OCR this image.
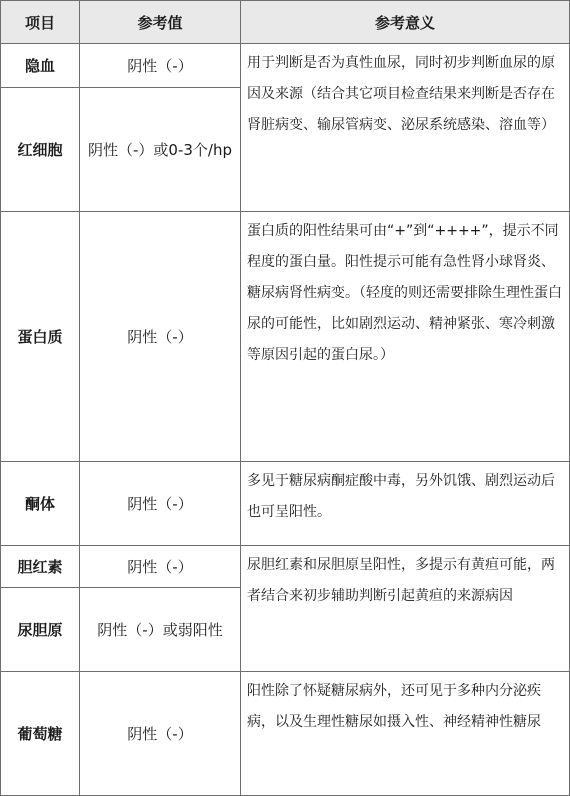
项目	参考值	参考意义
隐血	阴性（-）	用于判断是否为真性血尿，同时初步判断血尿的原因及来源（结合其它项目检查结果来判断是否存在肾脏病变、输尿管病变、泌尿系统感染、溶血等）
红细胞	阴性（-）或0-3个/hp	
蛋白质	阴性（-）	蛋白质的阳性结果可由“+”到“++++”，提示不同程度的蛋白量。阳性提示可能有急性肾小球肾炎、糖尿病肾性病变。（轻度的则还需要排除生理性蛋白尿的可能性，比如剧烈运动、精神紧张、寒冷刺激等原因引起的蛋白尿。）
酮体	阴性（-）	多见于糖尿病酮症酸中毒，另外饥饿、剧烈运动后也可呈阳性。
胆红素	阴性（-）	尿胆红素和尿胆原呈阳性，多提示有黄疸可能，两者结合来初步辅助判断引起黄疸的来源病因
尿胆原	阴性（-）或弱阳性	
葡萄糖	阴性（-）	阳性除了怀疑糖尿病外，还可见于多种内分泌疾病，以及生理性糖尿如摄入性、神经精神性糖尿
